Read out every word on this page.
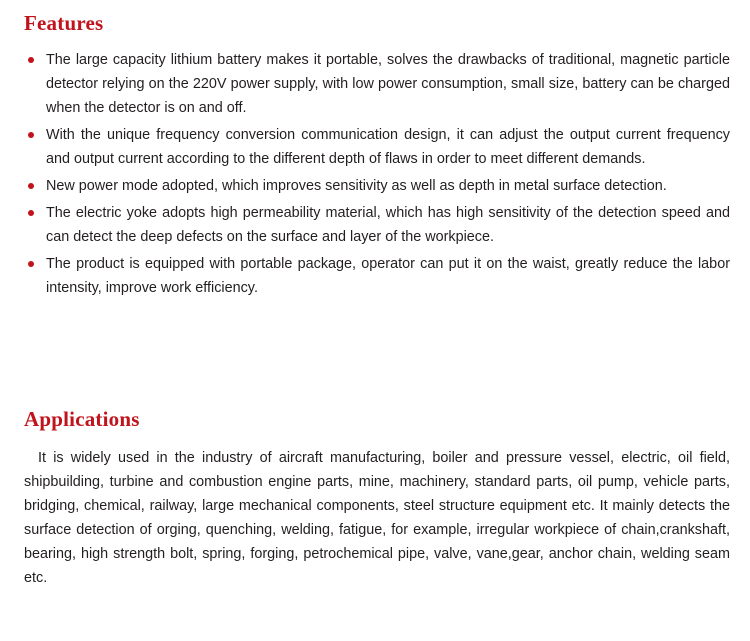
Features
The large capacity lithium battery makes it portable, solves the drawbacks of traditional, magnetic particle detector relying on the 220V power supply, with low power consumption, small size, battery can be charged when the detector is on and off.
With the unique frequency conversion communication design, it can adjust the output current frequency and output current according to the different depth of flaws in order to meet different demands.
New power mode adopted, which improves sensitivity as well as depth in metal surface detection.
The electric yoke adopts high permeability material, which has high sensitivity of the detection speed and can detect the deep defects on the surface and layer of the workpiece.
The product is equipped with portable package, operator can put it on the waist, greatly reduce the labor intensity, improve work efficiency.
Applications

It is widely used in the industry of aircraft manufacturing, boiler and pressure vessel, electric, oil field, shipbuilding, turbine and combustion engine parts, mine, machinery, standard parts, oil pump, vehicle parts, bridging, chemical, railway, large mechanical components, steel structure equipment etc. It mainly detects the surface detection of orging, quenching, welding, fatigue, for example, irregular workpiece of chain,crankshaft, bearing, high strength bolt, spring, forging, petrochemical pipe, valve, vane,gear, anchor chain, welding seam etc.
